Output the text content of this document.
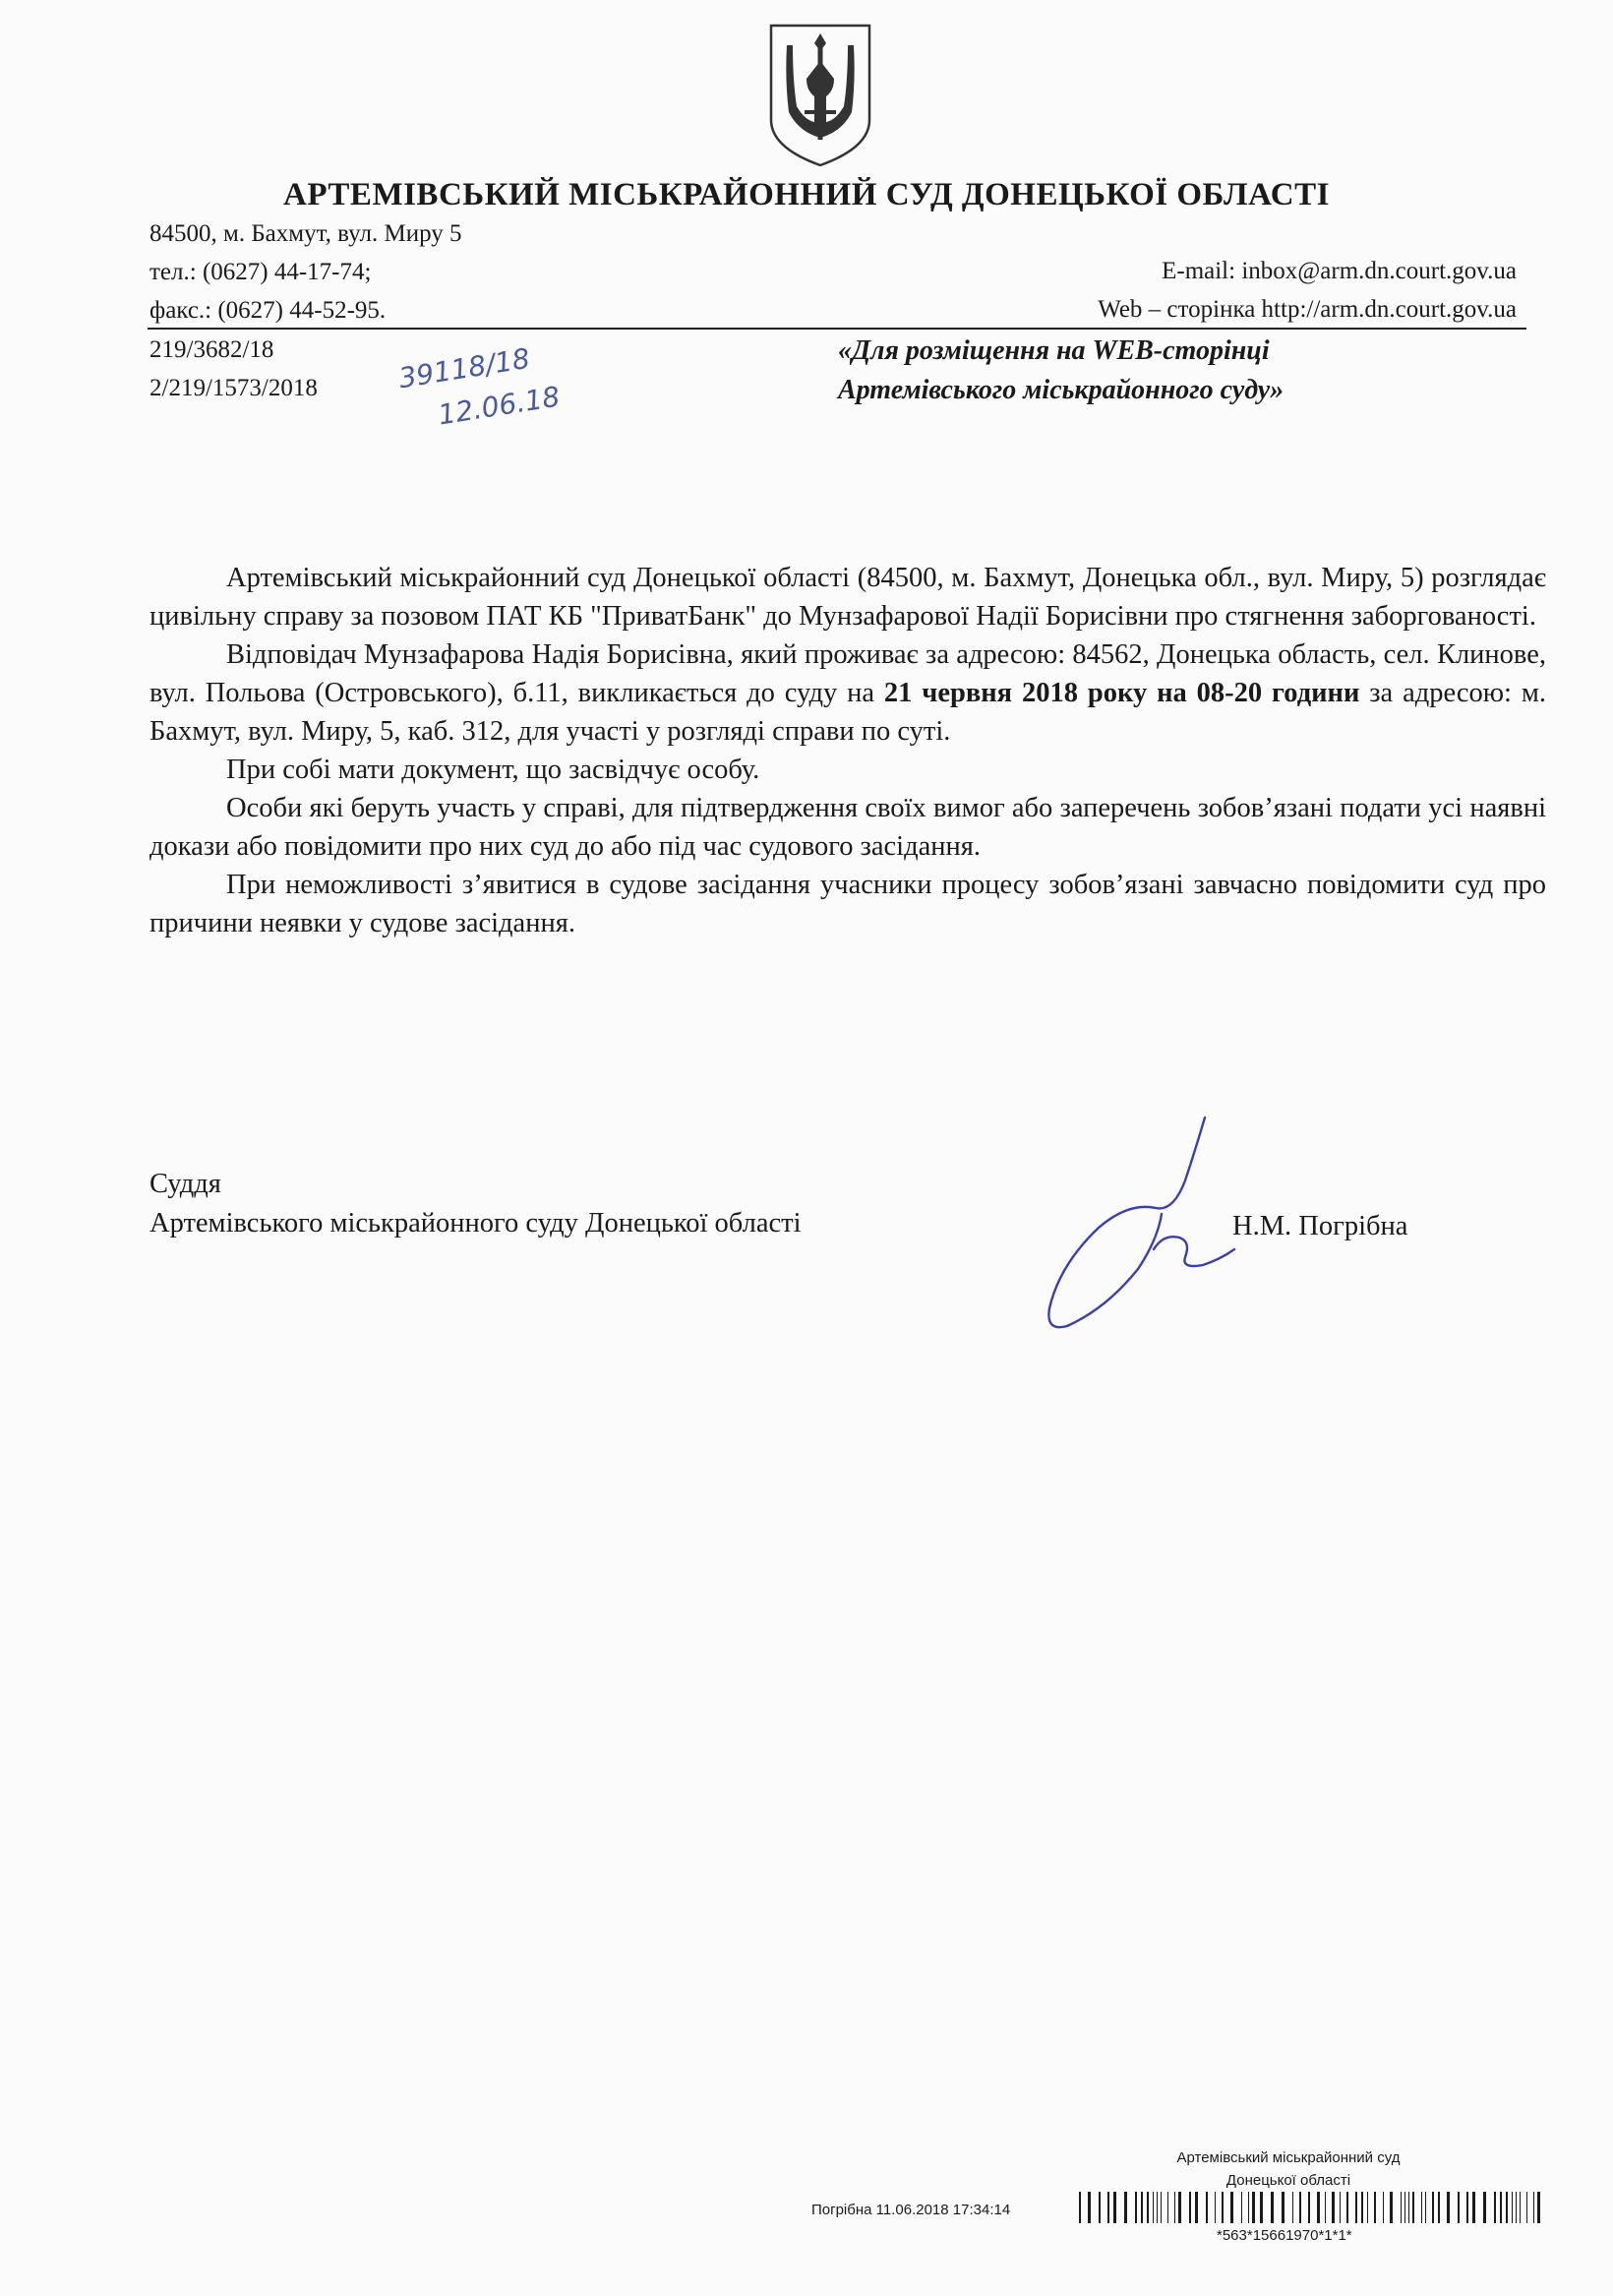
АРТЕМІВСЬКИЙ МІСЬКРАЙОННИЙ СУД ДОНЕЦЬКОЇ ОБЛАСТІ
84500, м. Бахмут, вул. Миру 5
тел.: (0627) 44-17-74;
факс.: (0627) 44-52-95.
E-mail: inbox@arm.dn.court.gov.ua
Web – сторінка http://arm.dn.court.gov.ua
219/3682/18
2/219/1573/2018	39118/18
12.06.18
«Для розміщення на WEB-сторінці
Артемівського міськрайонного суду»

Артемівський міськрайонний суд Донецької області (84500, м. Бахмут, Донецька обл., вул. Миру, 5) розглядає цивільну справу за позовом ПАТ КБ "ПриватБанк" до Мунзафарової Надії Борисівни про стягнення заборгованості.

Відповідач Мунзафарова Надія Борисівна, який проживає за адресою: 84562, Донецька область, сел. Клинове, вул. Польова (Островського), б.11, викликається до суду на 21 червня 2018 року на 08-20 години за адресою: м. Бахмут, вул. Миру, 5, каб. 312, для участі у розгляді справи по суті.

При собі мати документ, що засвідчує особу.

Особи які беруть участь у справі, для підтвердження своїх вимог або заперечень зобов’язані подати усі наявні докази або повідомити про них суд до або під час судового засідання.

При неможливості з’явитися в судове засідання учасники процесу зобов’язані завчасно повідомити суд про причини неявки у судове засідання.

Суддя
Артемівського міськрайонного суду Донецької області	Н.М. Погрібна
Артемівський міськрайонний суд
Донецької області
Погрібна 11.06.2018 17:34:14
*563*15661970*1*1*
